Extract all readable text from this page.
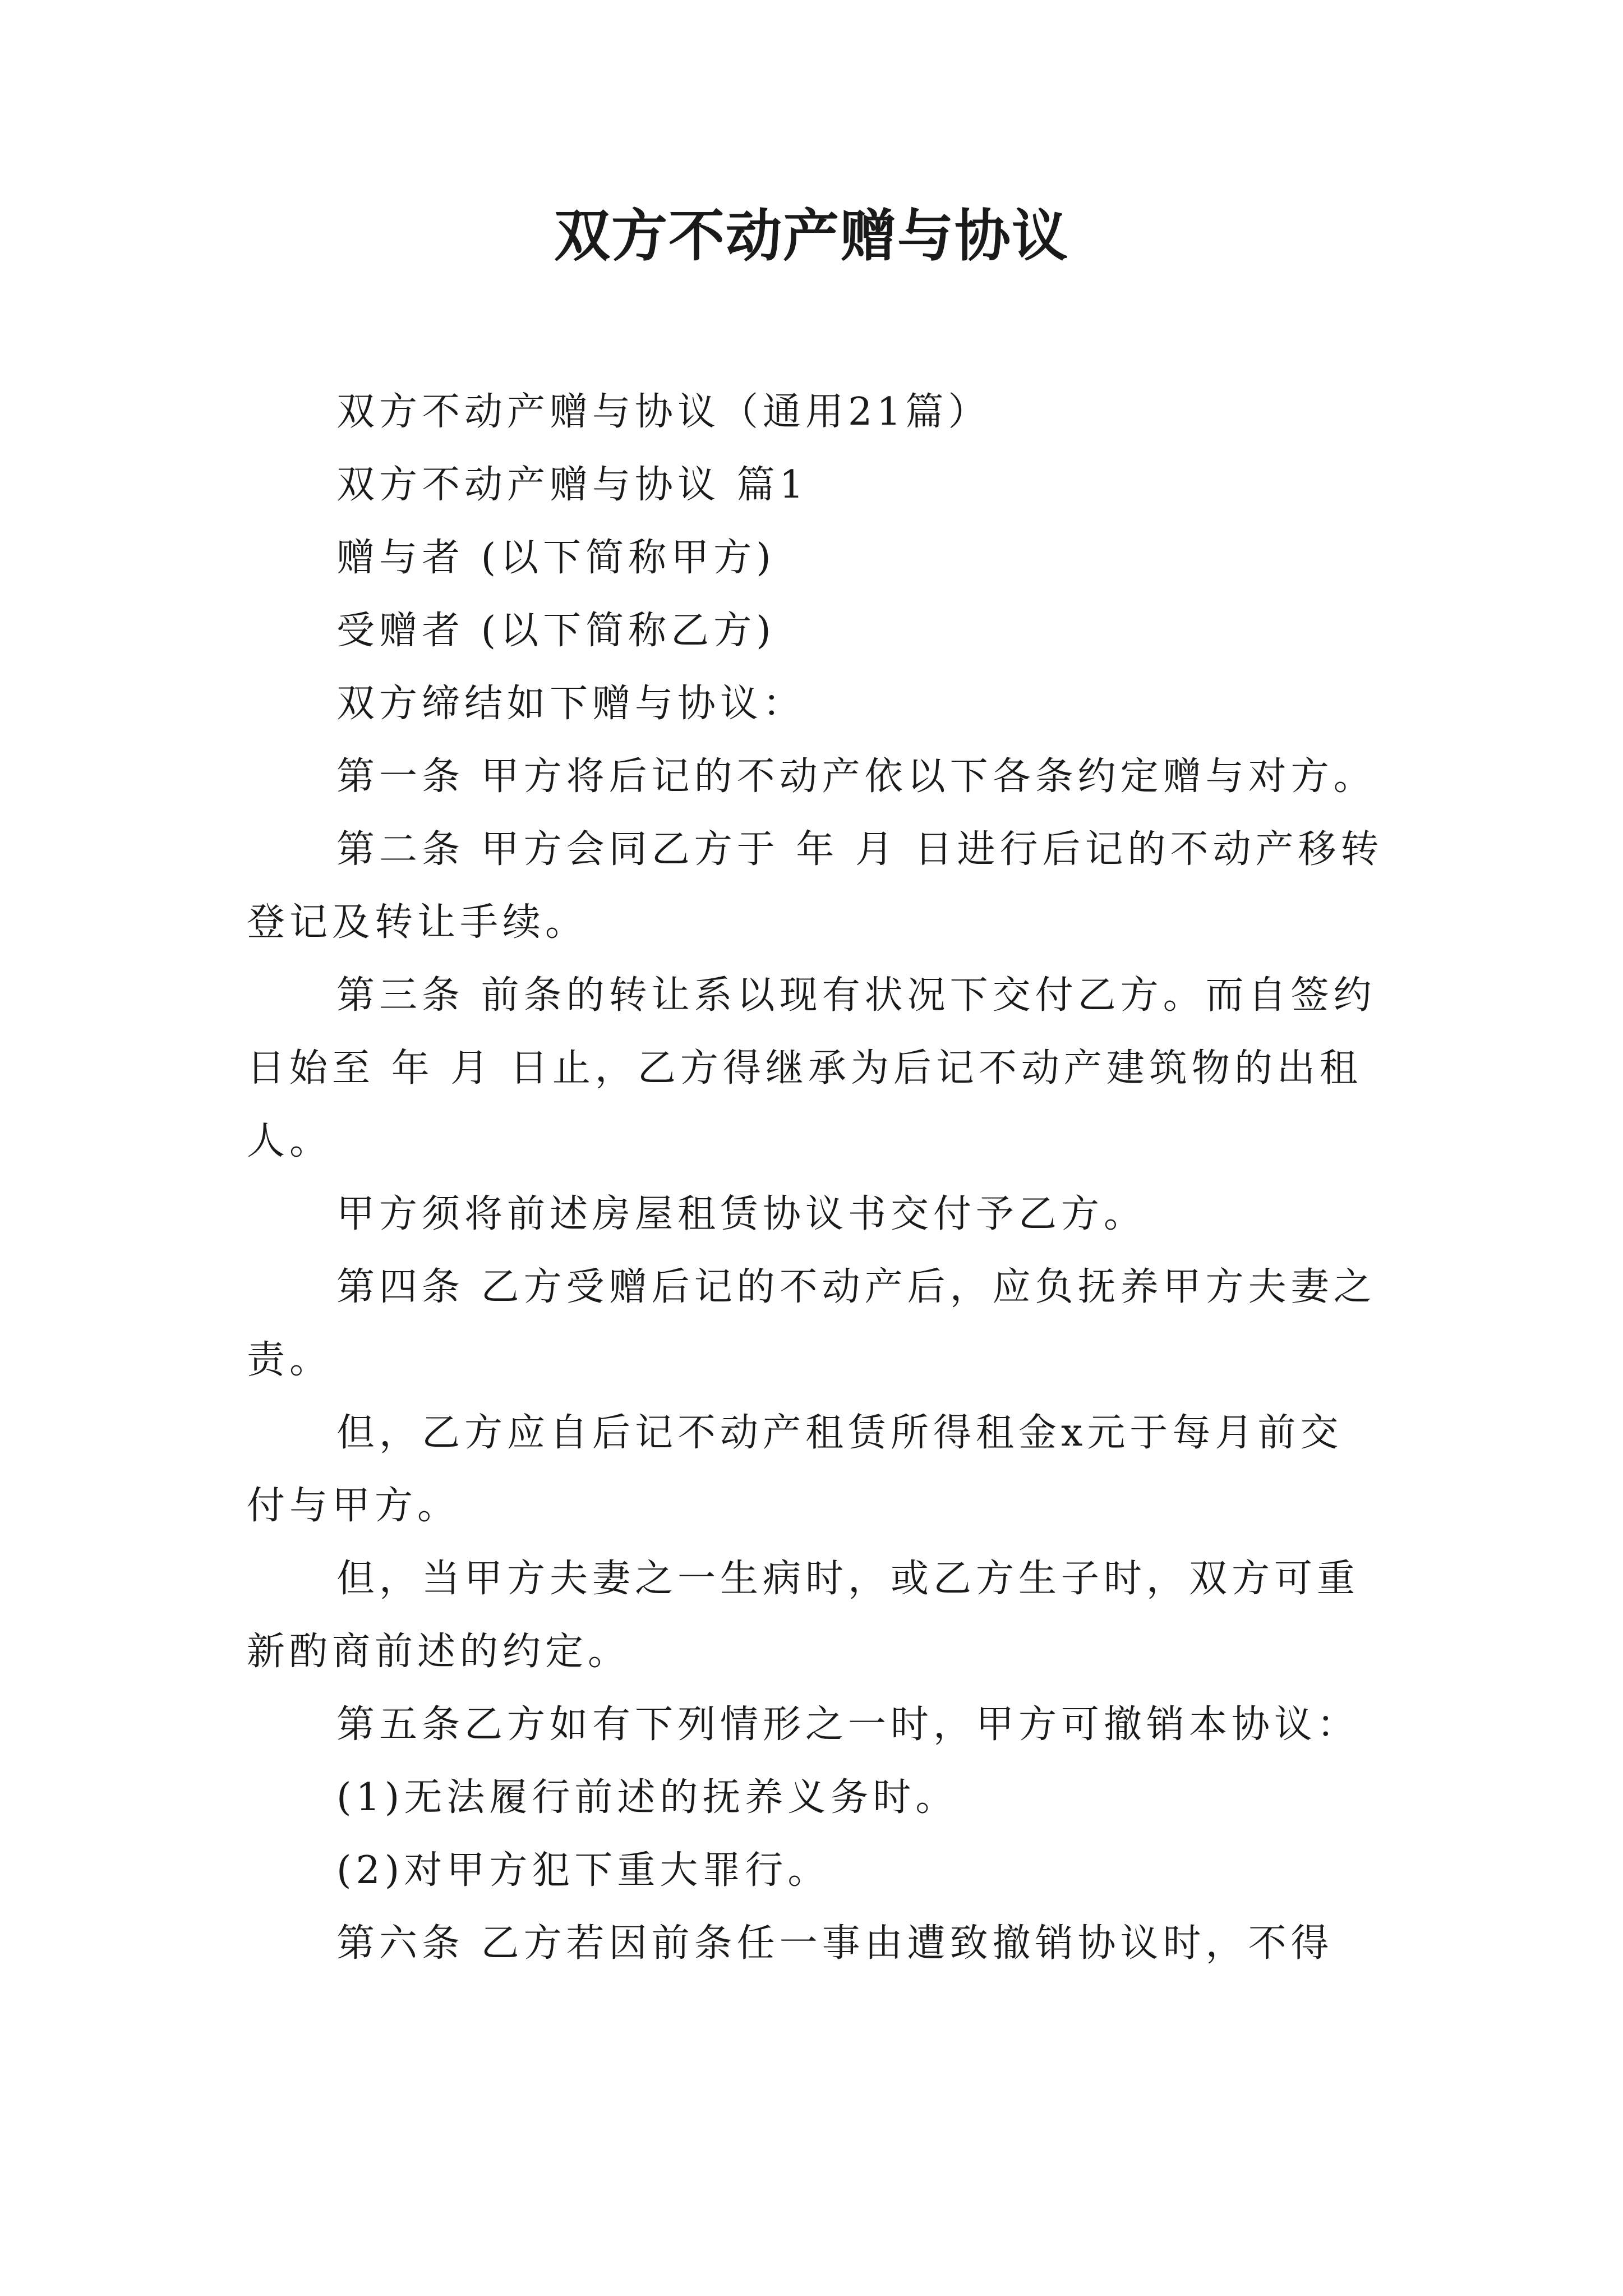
双方不动产赠与协议

双方不动产赠与协议（通用21篇）

双方不动产赠与协议 篇1

赠与者 (以下简称甲方)

受赠者 (以下简称乙方)

双方缔结如下赠与协议：

第一条 甲方将后记的不动产依以下各条约定赠与对方。

第二条 甲方会同乙方于 年 月 日进行后记的不动产移转登记及转让手续。

第三条 前条的转让系以现有状况下交付乙方。而自签约日始至 年 月 日止，乙方得继承为后记不动产建筑物的出租人。

甲方须将前述房屋租赁协议书交付予乙方。

第四条 乙方受赠后记的不动产后，应负抚养甲方夫妻之责。

但，乙方应自后记不动产租赁所得租金x元于每月前交付与甲方。

但，当甲方夫妻之一生病时，或乙方生子时，双方可重新酌商前述的约定。

第五条乙方如有下列情形之一时，甲方可撤销本协议：

(1)无法履行前述的抚养义务时。

(2)对甲方犯下重大罪行。

第六条 乙方若因前条任一事由遭致撤销协议时，不得
